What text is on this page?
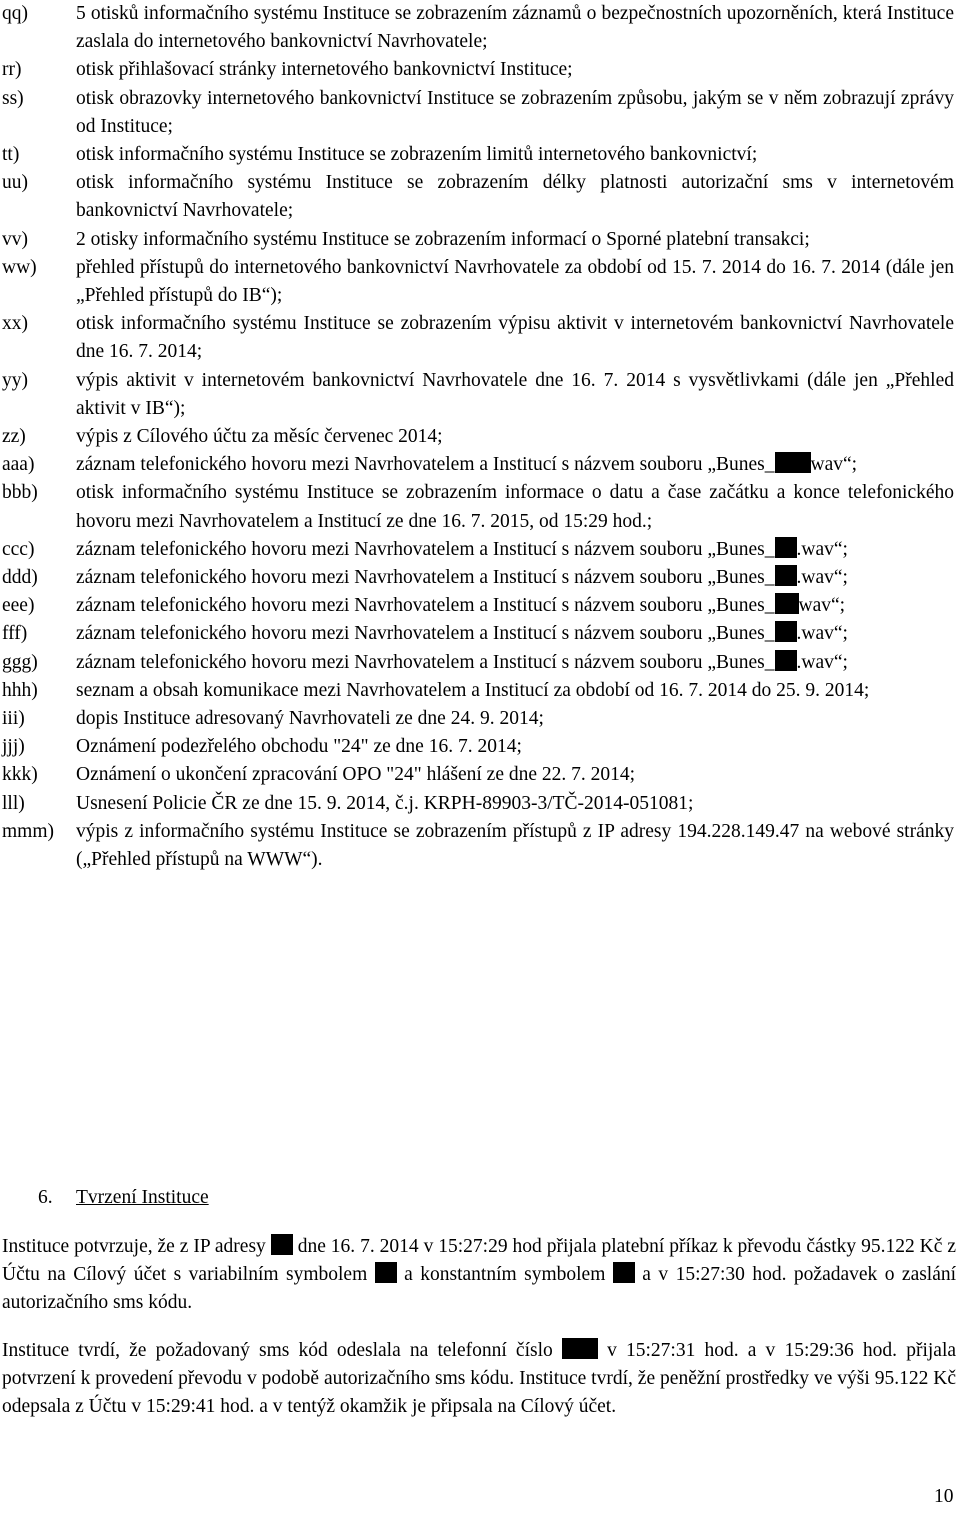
qq)	5 otisků informačního systému Instituce se zobrazením záznamů o bezpečnostních upozorněních, která Instituce zaslala do internetového bankovnictví Navrhovatele;
rr)	otisk přihlašovací stránky internetového bankovnictví Instituce;
ss)	otisk obrazovky internetového bankovnictví Instituce se zobrazením způsobu, jakým se v něm zobrazují zprávy od Instituce;
tt)	otisk informačního systému Instituce se zobrazením limitů internetového bankovnictví;
uu)	otisk informačního systému Instituce se zobrazením délky platnosti autorizační sms v internetovém bankovnictví Navrhovatele;
vv)	2 otisky informačního systému Instituce se zobrazením informací o Sporné platební transakci;
ww)	přehled přístupů do internetového bankovnictví Navrhovatele za období od 15. 7. 2014 do 16. 7. 2014 (dále jen „Přehled přístupů do IB“);
xx)	otisk informačního systému Instituce se zobrazením výpisu aktivit v internetovém bankovnictví Navrhovatele dne 16. 7. 2014;
yy)	výpis aktivit v internetovém bankovnictví Navrhovatele dne 16. 7. 2014 s vysvětlivkami (dále jen „Přehled aktivit v IB“);
zz)	výpis z Cílového účtu za měsíc červenec 2014;
aaa)	záznam telefonického hovoru mezi Navrhovatelem a Institucí s názvem souboru „Bunes_ wav“;
bbb)	otisk informačního systému Instituce se zobrazením informace o datu a čase začátku a konce telefonického hovoru mezi Navrhovatelem a Institucí ze dne 16. 7. 2015, od 15:29 hod.;
ccc)	záznam telefonického hovoru mezi Navrhovatelem a Institucí s názvem souboru „Bunes_ .wav“;
ddd)	záznam telefonického hovoru mezi Navrhovatelem a Institucí s názvem souboru „Bunes_ .wav“;
eee)	záznam telefonického hovoru mezi Navrhovatelem a Institucí s názvem souboru „Bunes_ wav“;
fff)	záznam telefonického hovoru mezi Navrhovatelem a Institucí s názvem souboru „Bunes_ .wav“;
ggg)	záznam telefonického hovoru mezi Navrhovatelem a Institucí s názvem souboru „Bunes_ .wav“;
hhh)	seznam a obsah komunikace mezi Navrhovatelem a Institucí za období od 16. 7. 2014 do 25. 9. 2014;
iii)	dopis Instituce adresovaný Navrhovateli ze dne 24. 9. 2014;
jjj)	Oznámení podezřelého obchodu "24" ze dne 16. 7. 2014;
kkk)	Oznámení o ukončení zpracování OPO "24" hlášení ze dne 22. 7. 2014;
lll)	Usnesení Policie ČR ze dne 15. 9. 2014, č.j. KRPH-89903-3/TČ-2014-051081;
mmm)	výpis z informačního systému Instituce se zobrazením přístupů z IP adresy 194.228.149.47 na webové stránky („Přehled přístupů na WWW“).
6. Tvrzení Instituce
Instituce potvrzuje, že z IP adresy dne 16. 7. 2014 v 15:27:29 hod přijala platební příkaz k převodu částky 95.122 Kč z Účtu na Cílový účet s variabilním symbolem a konstantním symbolem a v 15:27:30 hod. požadavek o zaslání autorizačního sms kódu.
Instituce tvrdí, že požadovaný sms kód odeslala na telefonní číslo	v 15:27:31 hod. a v 15:29:36 hod. přijala potvrzení k provedení převodu v podobě autorizačního sms kódu. Instituce tvrdí, že peněžní prostředky ve výši 95.122 Kč odepsala z Účtu v 15:29:41 hod. a v tentýž okamžik je připsala na Cílový účet.
10
